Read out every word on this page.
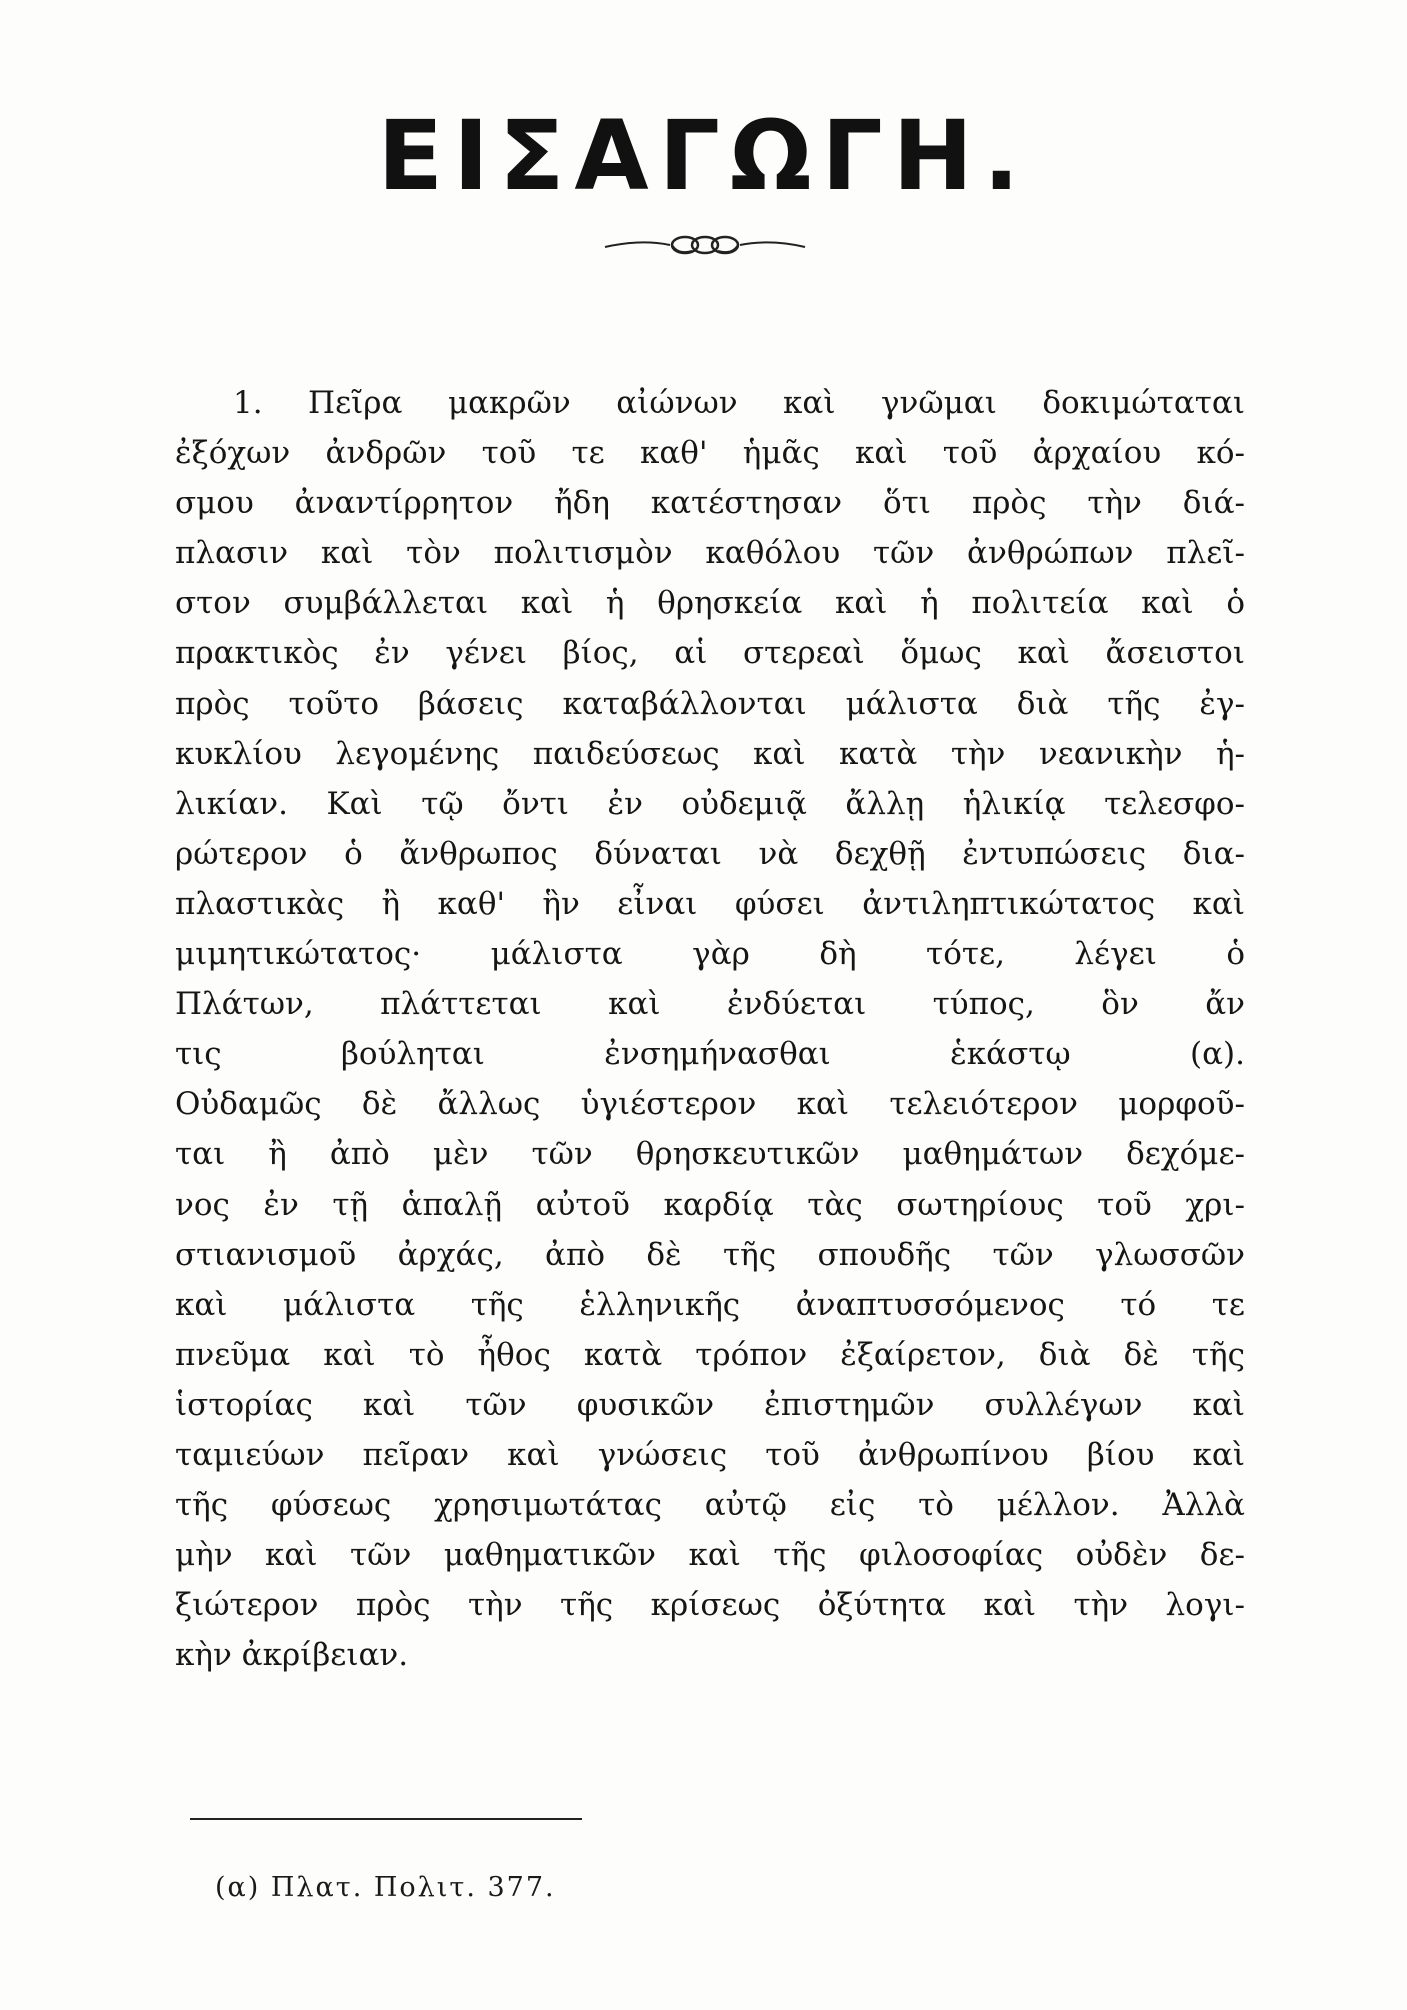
ΕΙΣΑΓΩΓΗ.
1. Πεῖρα μακρῶν αἰώνων καὶ γνῶμαι δοκιμώταται
ἐξόχων ἀνδρῶν τοῦ τε καθ' ἡμᾶς καὶ τοῦ ἀρχαίου κό-
σμου ἀναντίρρητον ἤδη κατέστησαν ὅτι πρὸς τὴν διά-
πλασιν καὶ τὸν πολιτισμὸν καθόλου τῶν ἀνθρώπων πλεῖ-
στον συμβάλλεται καὶ ἡ θρησκεία καὶ ἡ πολιτεία καὶ ὁ
πρακτικὸς ἐν γένει βίος, αἱ στερεαὶ ὅμως καὶ ἄσειστοι
πρὸς τοῦτο βάσεις καταβάλλονται μάλιστα διὰ τῆς ἐγ-
κυκλίου λεγομένης παιδεύσεως καὶ κατὰ τὴν νεανικὴν ἡ-
λικίαν. Καὶ τῷ ὄντι ἐν οὐδεμιᾷ ἄλλῃ ἡλικίᾳ τελεσφο-
ρώτερον ὁ ἄνθρωπος δύναται νὰ δεχθῇ ἐντυπώσεις δια-
πλαστικὰς ἢ καθ' ἣν εἶναι φύσει ἀντιληπτικώτατος καὶ
μιμητικώτατος· μάλιστα γὰρ δὴ τότε, λέγει ὁ
Πλάτων, πλάττεται καὶ ἐνδύεται τύπος, ὃν ἄν
τις βούληται ἐνσημήνασθαι ἑκάστῳ (α).
Οὐδαμῶς δὲ ἄλλως ὑγιέστερον καὶ τελειότερον μορφοῦ-
ται ἢ ἀπὸ μὲν τῶν θρησκευτικῶν μαθημάτων δεχόμε-
νος ἐν τῇ ἁπαλῇ αὐτοῦ καρδίᾳ τὰς σωτηρίους τοῦ χρι-
στιανισμοῦ ἀρχάς, ἀπὸ δὲ τῆς σπουδῆς τῶν γλωσσῶν
καὶ μάλιστα τῆς ἑλληνικῆς ἀναπτυσσόμενος τό τε
πνεῦμα καὶ τὸ ἦθος κατὰ τρόπον ἐξαίρετον, διὰ δὲ τῆς
ἱστορίας καὶ τῶν φυσικῶν ἐπιστημῶν συλλέγων καὶ
ταμιεύων πεῖραν καὶ γνώσεις τοῦ ἀνθρωπίνου βίου καὶ
τῆς φύσεως χρησιμωτάτας αὐτῷ εἰς τὸ μέλλον. Ἀλλὰ
μὴν καὶ τῶν μαθηματικῶν καὶ τῆς φιλοσοφίας οὐδὲν δε-
ξιώτερον πρὸς τὴν τῆς κρίσεως ὀξύτητα καὶ τὴν λογι-
κὴν ἀκρίβειαν.
(α) Πλατ. Πολιτ. 377.
